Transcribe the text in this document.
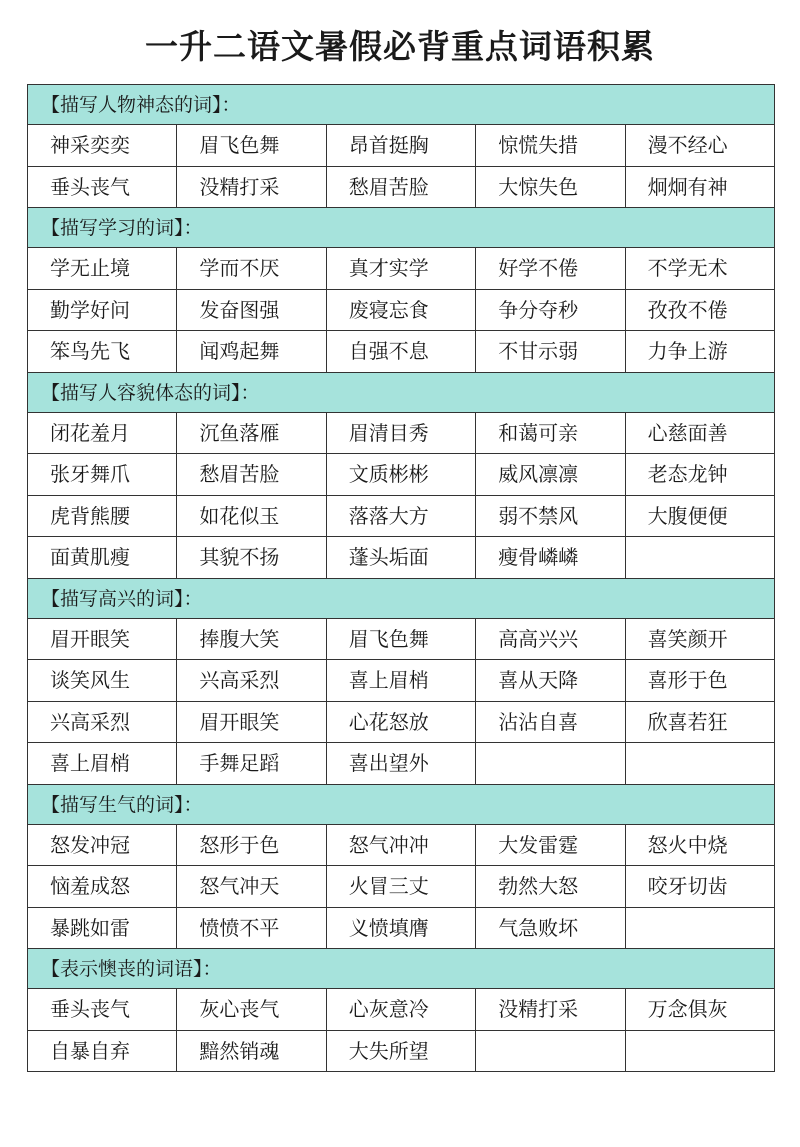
一升二语文暑假必背重点词语积累
【描写人物神态的词】：
神采奕奕	眉飞色舞	昂首挺胸	惊慌失措	漫不经心
垂头丧气	没精打采	愁眉苦脸	大惊失色	炯炯有神
【描写学习的词】：
学无止境	学而不厌	真才实学	好学不倦	不学无术
勤学好问	发奋图强	废寝忘食	争分夺秒	孜孜不倦
笨鸟先飞	闻鸡起舞	自强不息	不甘示弱	力争上游
【描写人容貌体态的词】：
闭花羞月	沉鱼落雁	眉清目秀	和蔼可亲	心慈面善
张牙舞爪	愁眉苦脸	文质彬彬	威风凛凛	老态龙钟
虎背熊腰	如花似玉	落落大方	弱不禁风	大腹便便
面黄肌瘦	其貌不扬	蓬头垢面	瘦骨嶙嶙
【描写高兴的词】：
眉开眼笑	捧腹大笑	眉飞色舞	高高兴兴	喜笑颜开
谈笑风生	兴高采烈	喜上眉梢	喜从天降	喜形于色
兴高采烈	眉开眼笑	心花怒放	沾沾自喜	欣喜若狂
喜上眉梢	手舞足蹈	喜出望外
【描写生气的词】：
怒发冲冠	怒形于色	怒气冲冲	大发雷霆	怒火中烧
恼羞成怒	怒气冲天	火冒三丈	勃然大怒	咬牙切齿
暴跳如雷	愤愤不平	义愤填膺	气急败坏
【表示懊丧的词语】：
垂头丧气	灰心丧气	心灰意冷	没精打采	万念俱灰
自暴自弃	黯然销魂	大失所望
